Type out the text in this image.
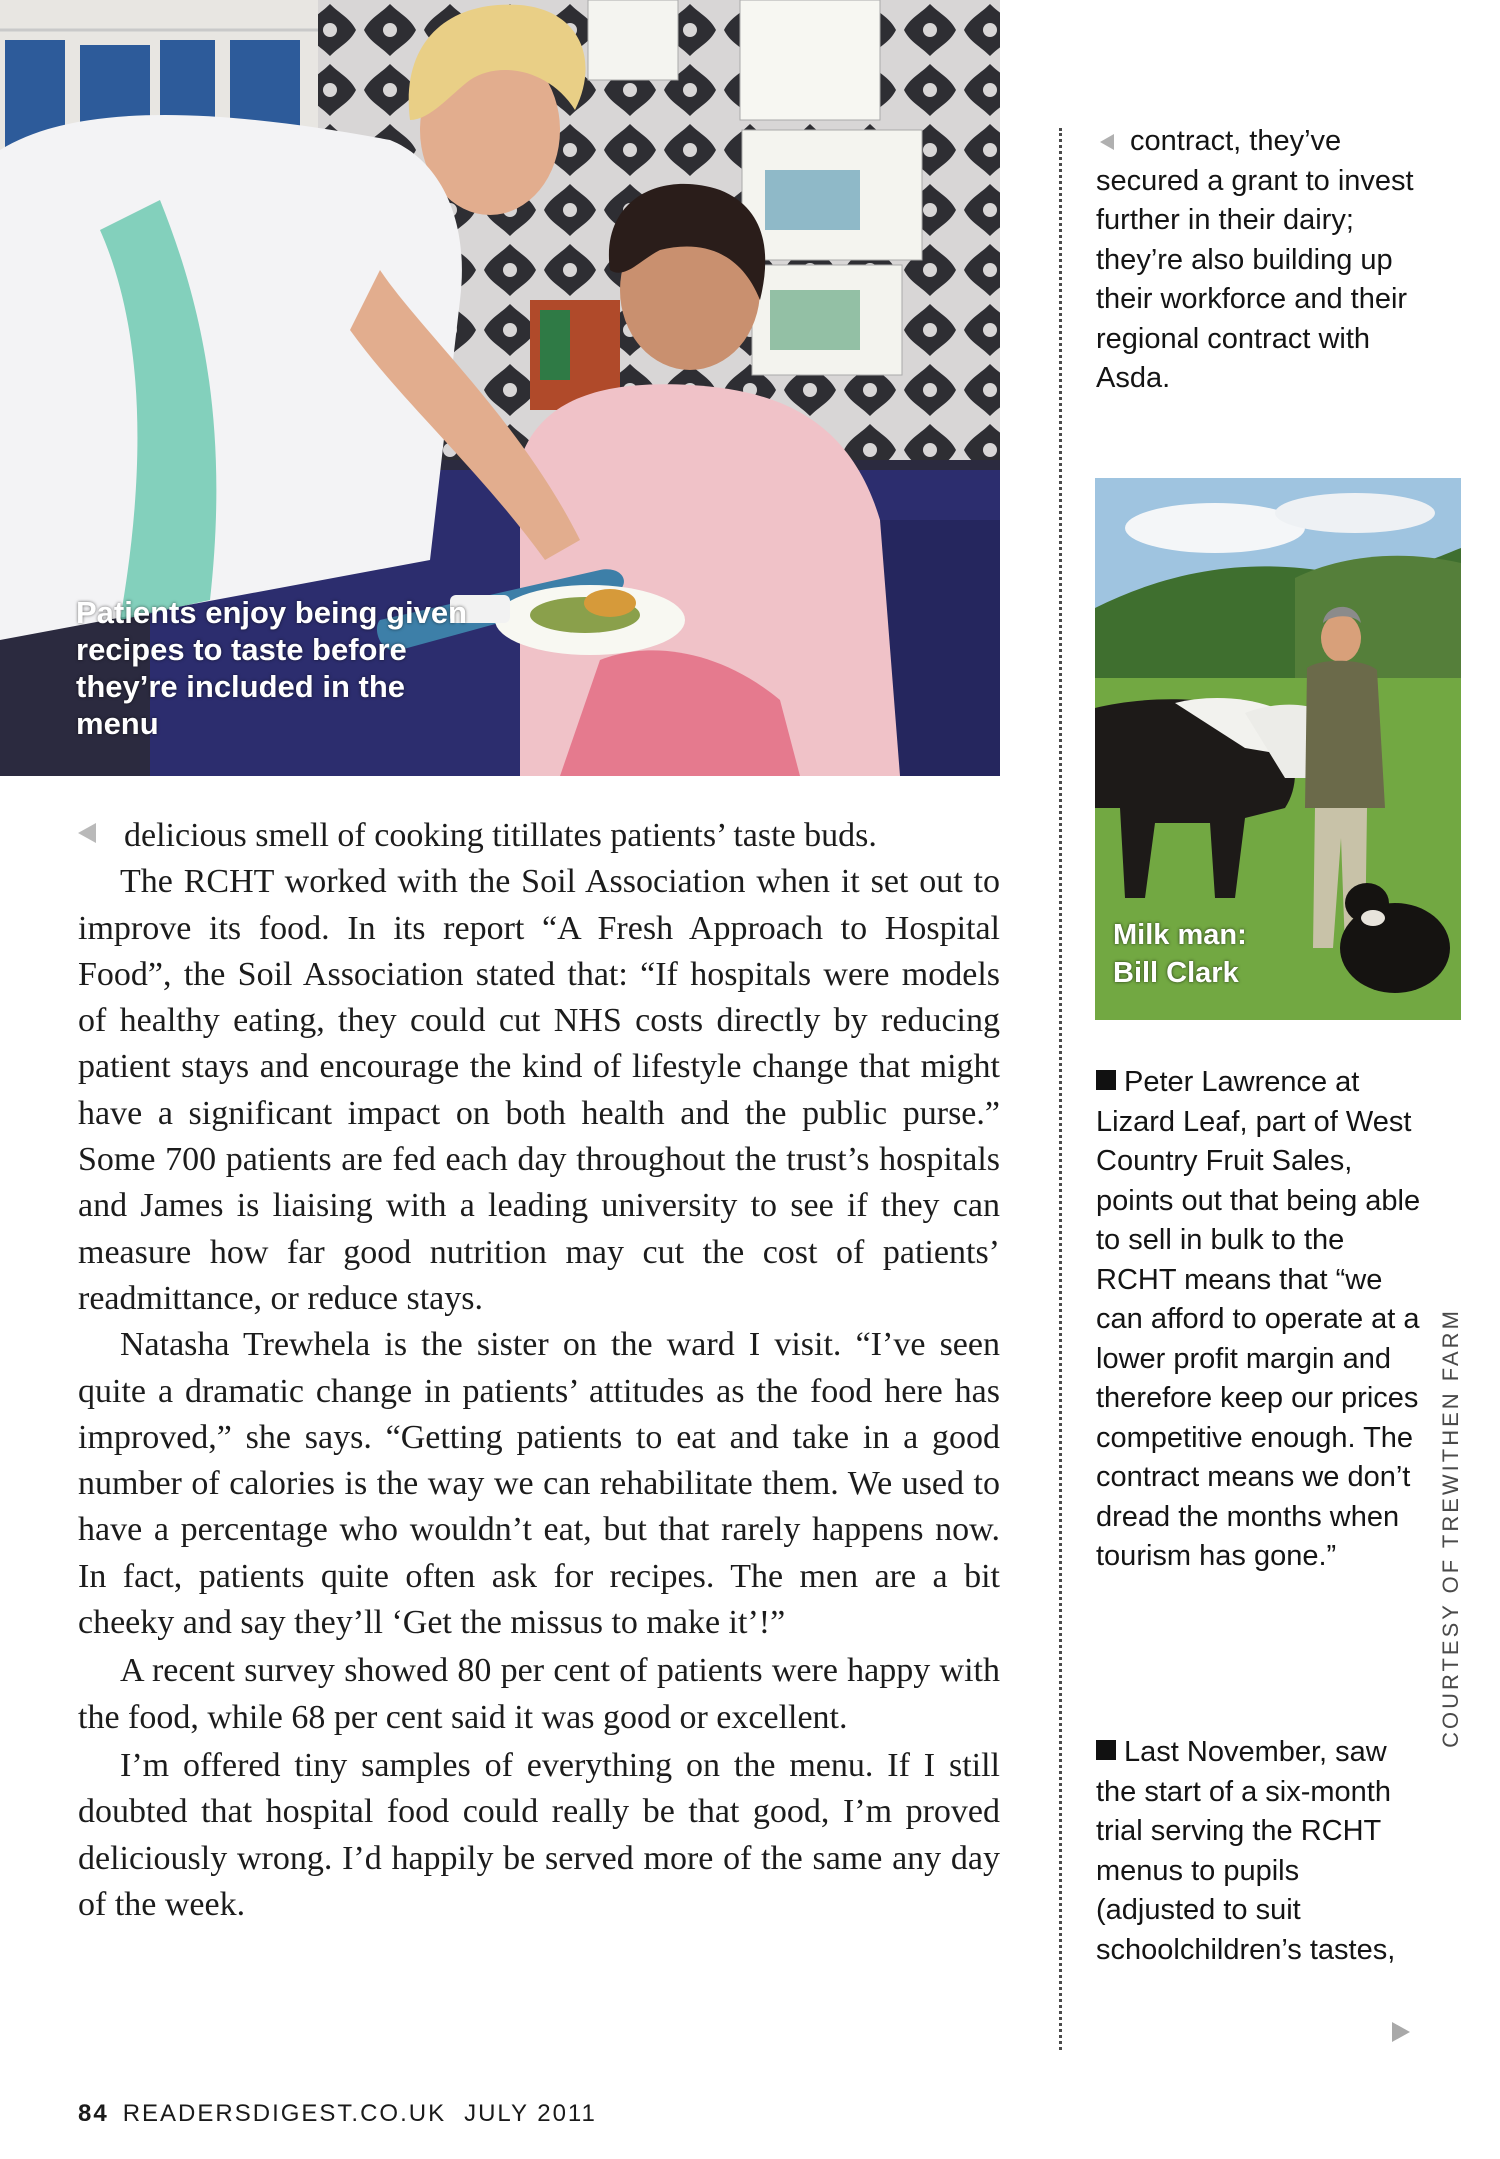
Patients enjoy being given recipes to taste before they’re included in the menu

delicious smell of cooking titillates patients’ taste buds.

The RCHT worked with the Soil Association when it set out to improve its food. In its report “A Fresh Approach to Hospital Food”, the Soil Association stated that: “If hospitals were models of healthy eating, they could cut NHS costs directly by reducing patient stays and encourage the kind of lifestyle change that might have a significant impact on both health and the public purse.” Some 700 patients are fed each day throughout the trust’s hospitals and James is liaising with a leading university to see if they can measure how far good nutrition may cut the cost of patients’ readmittance, or reduce stays.

Natasha Trewhela is the sister on the ward I visit. “I’ve seen quite a dramatic change in patients’ attitudes as the food here has improved,” she says. “Getting patients to eat and take in a good number of calories is the way we can rehabilitate them. We used to have a percentage who wouldn’t eat, but that rarely happens now. In fact, patients quite often ask for recipes. The men are a bit cheeky and say they’ll ‘Get the missus to make it’!”

A recent survey showed 80 per cent of patients were happy with the food, while 68 per cent said it was good or excellent.

I’m offered tiny samples of everything on the menu. If I still doubted that hospital food could really be that good, I’m proved deliciously wrong. I’d happily be served more of the same any day of the week.

contract, they’ve secured a grant to invest further in their dairy; they’re also building up their workforce and their regional contract with Asda.

Milk man:
Bill Clark

Peter Lawrence at Lizard Leaf, part of West Country Fruit Sales, points out that being able to sell in bulk to the RCHT means that “we can afford to operate at a lower profit margin and therefore keep our prices competitive enough. The contract means we don’t dread the months when tourism has gone.”

Last November, saw the start of a six-month trial serving the RCHT menus to pupils (adjusted to suit schoolchildren’s tastes,

COURTESY OF TREWITHEN FARM
84 READERSDIGEST.CO.UK JULY 2011
